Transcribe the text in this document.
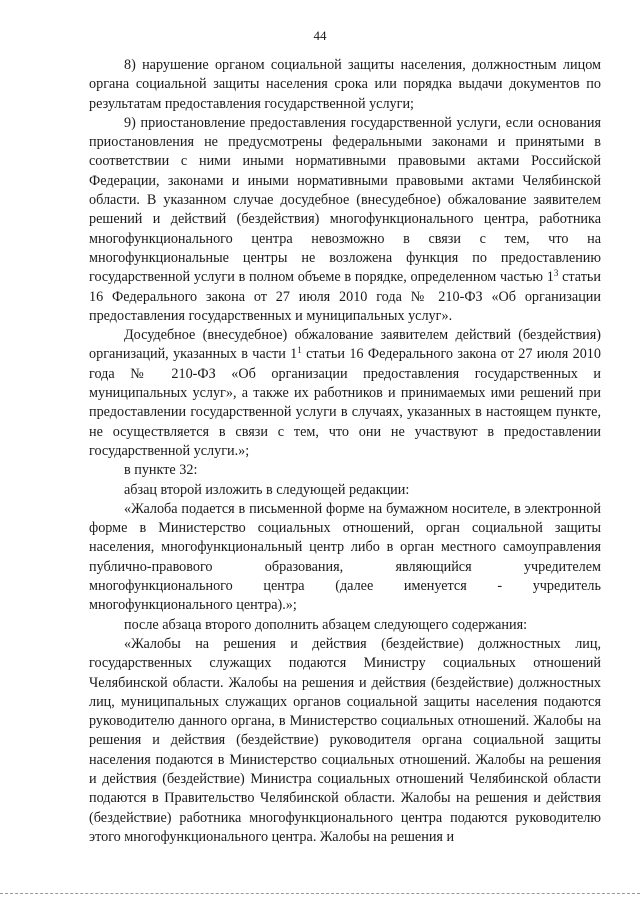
44

8) нарушение органом социальной защиты населения, должностным лицом органа социальной защиты населения срока или порядка выдачи документов по результатам предоставления государственной услуги;

9) приостановление предоставления государственной услуги, если основания приостановления не предусмотрены федеральными законами и принятыми в соответствии с ними иными нормативными правовыми актами Российской Федерации, законами и иными нормативными правовыми актами Челябинской области. В указанном случае досудебное (внесудебное) обжалование заявителем решений и действий (бездействия) многофункционального центра, работника многофункционального центра невозможно в связи с тем, что на многофункциональные центры не возложена функция по предоставлению государственной услуги в полном объеме в порядке, определенном частью $1^3$ статьи 16 Федерального закона от 27 июля 2010 года № 210-ФЗ «Об организации предоставления государственных и муниципальных услуг».

Досудебное (внесудебное) обжалование заявителем действий (бездействия) организаций, указанных в части $1^1$ статьи 16 Федерального закона от 27 июля 2010 года № 210-ФЗ «Об организации предоставления государственных и муниципальных услуг», а также их работников и принимаемых ими решений при предоставлении государственной услуги в случаях, указанных в настоящем пункте, не осуществляется в связи с тем, что они не участвуют в предоставлении государственной услуги.»;

в пункте 32:

абзац второй изложить в следующей редакции:

«Жалоба подается в письменной форме на бумажном носителе, в электронной форме в Министерство социальных отношений, орган социальной защиты населения, многофункциональный центр либо в орган местного самоуправления публично-правового образования, являющийся учредителем многофункционального центра (далее именуется - учредитель многофункционального центра).»;

после абзаца второго дополнить абзацем следующего содержания:

«Жалобы на решения и действия (бездействие) должностных лиц, государственных служащих подаются Министру социальных отношений Челябинской области. Жалобы на решения и действия (бездействие) должностных лиц, муниципальных служащих органов социальной защиты населения подаются руководителю данного органа, в Министерство социальных отношений. Жалобы на решения и действия (бездействие) руководителя органа социальной защиты населения подаются в Министерство социальных отношений. Жалобы на решения и действия (бездействие) Министра социальных отношений Челябинской области подаются в Правительство Челябинской области. Жалобы на решения и действия (бездействие) работника многофункционального центра подаются руководителю этого многофункционального центра. Жалобы на решения и
